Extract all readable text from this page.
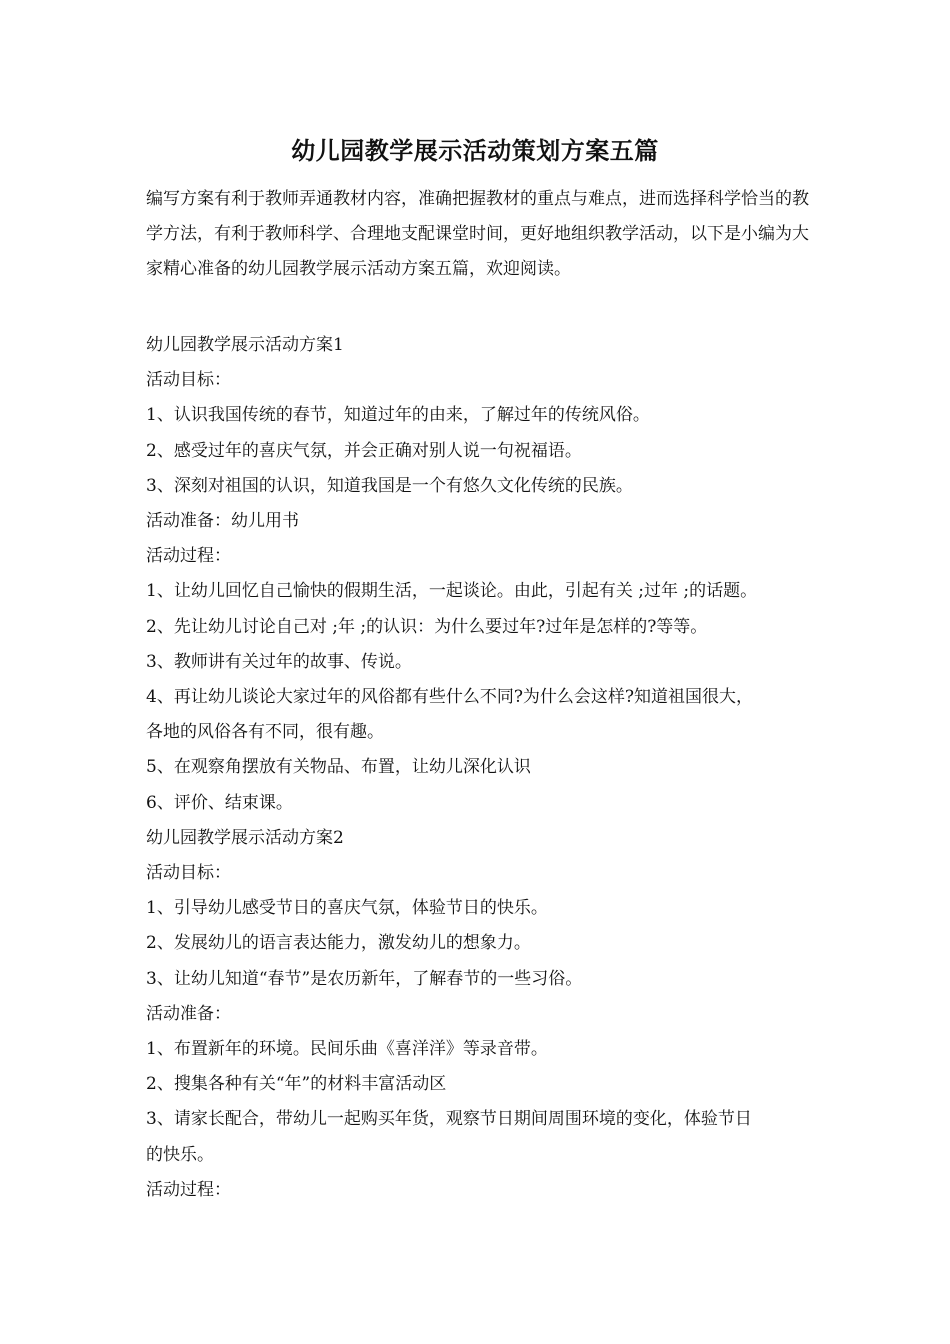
幼儿园教学展示活动策划方案五篇

编写方案有利于教师弄通教材内容，准确把握教材的重点与难点，进而选择科学恰当的教学方法，有利于教师科学、合理地支配课堂时间，更好地组织教学活动，以下是小编为大家精心准备的幼儿园教学展示活动方案五篇，欢迎阅读。

幼儿园教学展示活动方案1

活动目标：

1、认识我国传统的春节，知道过年的由来，了解过年的传统风俗。

2、感受过年的喜庆气氛，并会正确对别人说一句祝福语。

3、深刻对祖国的认识，知道我国是一个有悠久文化传统的民族。

活动准备：幼儿用书

活动过程：

1、让幼儿回忆自己愉快的假期生活，一起谈论。由此，引起有关 ;过年 ;的话题。

2、先让幼儿讨论自己对 ;年 ;的认识：为什么要过年?过年是怎样的?等等。

3、教师讲有关过年的故事、传说。

4、再让幼儿谈论大家过年的风俗都有些什么不同?为什么会这样?知道祖国很大，

各地的风俗各有不同，很有趣。

5、在观察角摆放有关物品、布置，让幼儿深化认识

6、评价、结束课。

幼儿园教学展示活动方案2

活动目标：

1、引导幼儿感受节日的喜庆气氛，体验节日的快乐。

2、发展幼儿的语言表达能力，激发幼儿的想象力。

3、让幼儿知道“春节”是农历新年，了解春节的一些习俗。

活动准备：

1、布置新年的环境。民间乐曲《喜洋洋》等录音带。

2、搜集各种有关“年”的材料丰富活动区

3、请家长配合，带幼儿一起购买年货，观察节日期间周围环境的变化，体验节日

的快乐。

活动过程：
